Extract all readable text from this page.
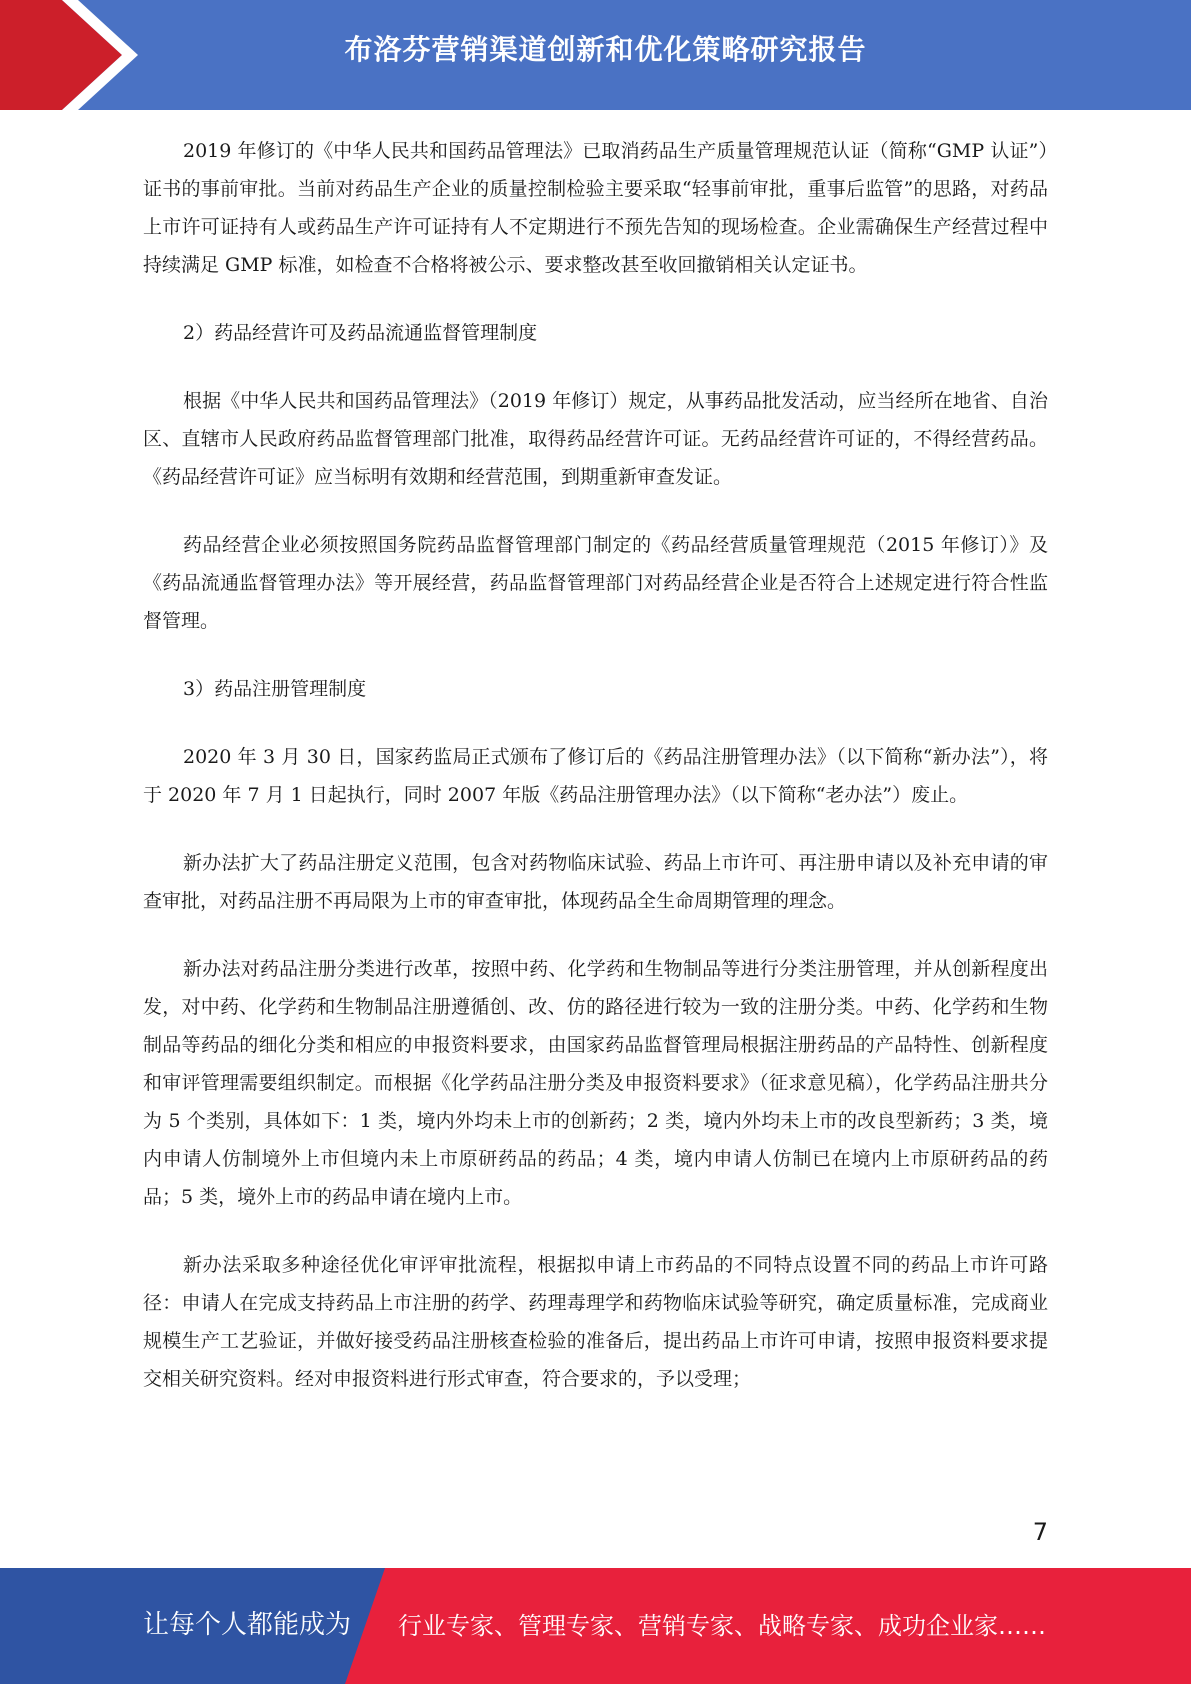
布洛芬营销渠道创新和优化策略研究报告

2019 年修订的《中华人民共和国药品管理法》已取消药品生产质量管理规范认证（简称“GMP 认证”）证书的事前审批。当前对药品生产企业的质量控制检验主要采取“轻事前审批，重事后监管”的思路，对药品上市许可证持有人或药品生产许可证持有人不定期进行不预先告知的现场检查。企业需确保生产经营过程中持续满足 GMP 标准，如检查不合格将被公示、要求整改甚至收回撤销相关认定证书。

2）药品经营许可及药品流通监督管理制度

根据《中华人民共和国药品管理法》（2019 年修订）规定，从事药品批发活动，应当经所在地省、自治区、直辖市人民政府药品监督管理部门批准，取得药品经营许可证。无药品经营许可证的，不得经营药品。《药品经营许可证》应当标明有效期和经营范围，到期重新审查发证。

药品经营企业必须按照国务院药品监督管理部门制定的《药品经营质量管理规范（2015 年修订）》及《药品流通监督管理办法》等开展经营，药品监督管理部门对药品经营企业是否符合上述规定进行符合性监督管理。

3）药品注册管理制度

2020 年 3 月 30 日，国家药监局正式颁布了修订后的《药品注册管理办法》（以下简称“新办法”），将于 2020 年 7 月 1 日起执行，同时 2007 年版《药品注册管理办法》（以下简称“老办法”）废止。

新办法扩大了药品注册定义范围，包含对药物临床试验、药品上市许可、再注册申请以及补充申请的审查审批，对药品注册不再局限为上市的审查审批，体现药品全生命周期管理的理念。

新办法对药品注册分类进行改革，按照中药、化学药和生物制品等进行分类注册管理，并从创新程度出发，对中药、化学药和生物制品注册遵循创、改、仿的路径进行较为一致的注册分类。中药、化学药和生物制品等药品的细化分类和相应的申报资料要求，由国家药品监督管理局根据注册药品的产品特性、创新程度和审评管理需要组织制定。而根据《化学药品注册分类及申报资料要求》（征求意见稿），化学药品注册共分为 5 个类别，具体如下：1 类，境内外均未上市的创新药；2 类，境内外均未上市的改良型新药；3 类，境内申请人仿制境外上市但境内未上市原研药品的药品；4 类，境内申请人仿制已在境内上市原研药品的药品；5 类，境外上市的药品申请在境内上市。

新办法采取多种途径优化审评审批流程，根据拟申请上市药品的不同特点设置不同的药品上市许可路径：申请人在完成支持药品上市注册的药学、药理毒理学和药物临床试验等研究，确定质量标准，完成商业规模生产工艺验证，并做好接受药品注册核查检验的准备后，提出药品上市许可申请，按照申报资料要求提交相关研究资料。经对申报资料进行形式审查，符合要求的，予以受理；

7
让每个人都能成为 行业专家、管理专家、营销专家、战略专家、成功企业家……
